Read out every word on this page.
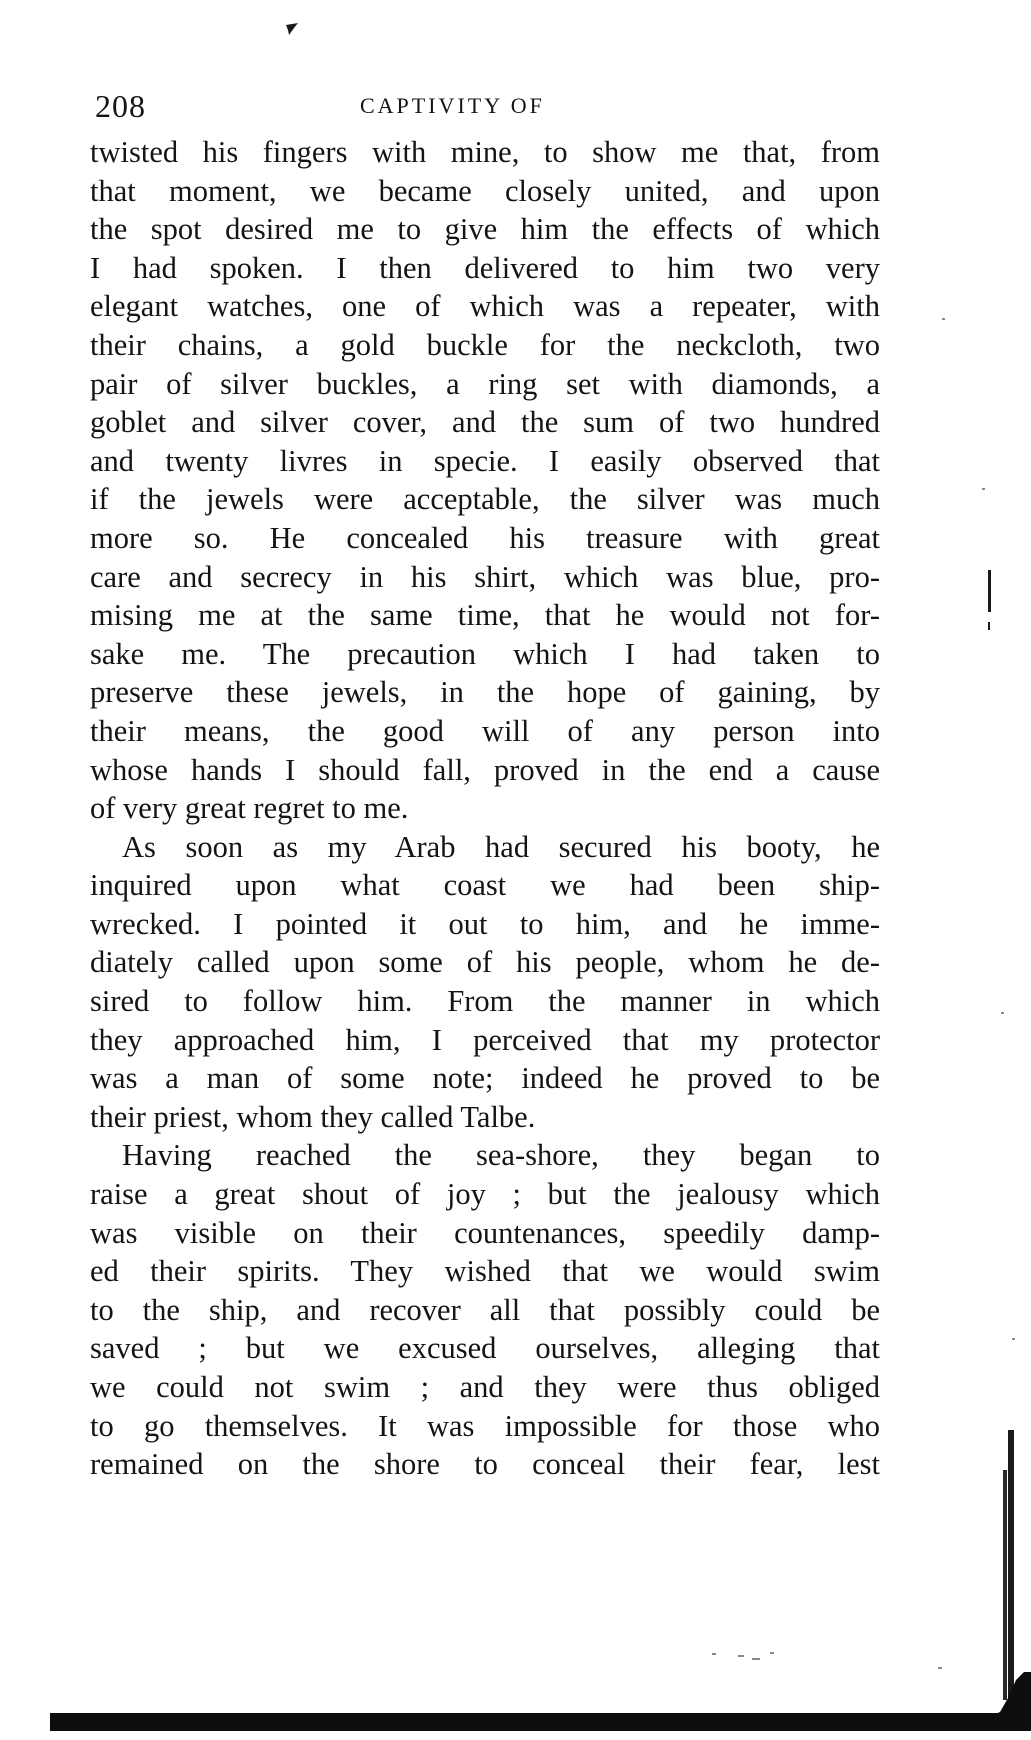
208	CAPTIVITY OF
twisted his fingers with mine, to show me that, from
that moment, we became closely united, and upon
the spot desired me to give him the effects of which
I had spoken. I then delivered to him two very
elegant watches, one of which was a repeater, with
their chains, a gold buckle for the neckcloth, two
pair of silver buckles, a ring set with diamonds, a
goblet and silver cover, and the sum of two hundred
and twenty livres in specie. I easily observed that
if the jewels were acceptable, the silver was much
more so. He concealed his treasure with great
care and secrecy in his shirt, which was blue, pro-
mising me at the same time, that he would not for-
sake me. The precaution which I had taken to
preserve these jewels, in the hope of gaining, by
their means, the good will of any person into
whose hands I should fall, proved in the end a cause
of very great regret to me.
As soon as my Arab had secured his booty, he
inquired upon what coast we had been ship-
wrecked. I pointed it out to him, and he imme-
diately called upon some of his people, whom he de-
sired to follow him. From the manner in which
they approached him, I perceived that my protector
was a man of some note; indeed he proved to be
their priest, whom they called Talbe.
Having reached the sea-shore, they began to
raise a great shout of joy ; but the jealousy which
was visible on their countenances, speedily damp-
ed their spirits. They wished that we would swim
to the ship, and recover all that possibly could be
saved ; but we excused ourselves, alleging that
we could not swim ; and they were thus obliged
to go themselves. It was impossible for those who
remained on the shore to conceal their fear, lest
